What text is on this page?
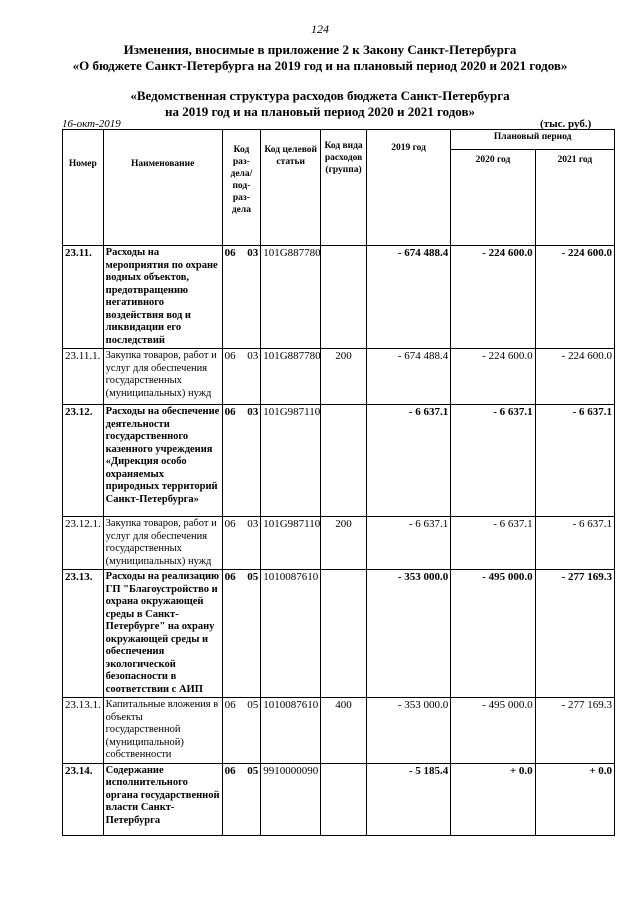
124
Изменения, вносимые в приложение 2 к Закону Санкт-Петербурга
«О бюджете Санкт-Петербурга на 2019 год и на плановый период 2020 и 2021 годов»
«Ведомственная структура расходов бюджета Санкт-Петербурга
на 2019 год и на плановый период 2020 и 2021 годов»
16-окт-2019	(тыс. руб.)
Номер	Наименование	Код раз-дела/ под-раз-дела	Код целевой статьи	Код вида расходов (группа)	2019 год	Плановый период	
						2020 год	2021 год
23.11.	Расходы на мероприятия по охране водных объектов, предотвращению негативного воздействия вод и ликвидации его последствий	06 03	101G887780		- 674 488.4	- 224 600.0	- 224 600.0
23.11.1.	Закупка товаров, работ и услуг для обеспечения государственных (муниципальных) нужд	06 03	101G887780	200	- 674 488.4	- 224 600.0	- 224 600.0
23.12.	Расходы на обеспечение деятельности государственного казенного учреждения «Дирекция особо охраняемых природных территорий Санкт-Петербурга»	06 03	101G987110		- 6 637.1	- 6 637.1	- 6 637.1
23.12.1.	Закупка товаров, работ и услуг для обеспечения государственных (муниципальных) нужд	06 03	101G987110	200	- 6 637.1	- 6 637.1	- 6 637.1
23.13.	Расходы на реализацию ГП "Благоустройство и охрана окружающей среды в Санкт-Петербурге" на охрану окружающей среды и обеспечения экологической безопасности в соответствии с АИП	06 05	1010087610		- 353 000.0	- 495 000.0	- 277 169.3
23.13.1.	Капитальные вложения в объекты государственной (муниципальной) собственности	06 05	1010087610	400	- 353 000.0	- 495 000.0	- 277 169.3
23.14.	Содержание исполнительного органа государственной власти Санкт-Петербурга	06 05	9910000090		- 5 185.4	+ 0.0	+ 0.0
